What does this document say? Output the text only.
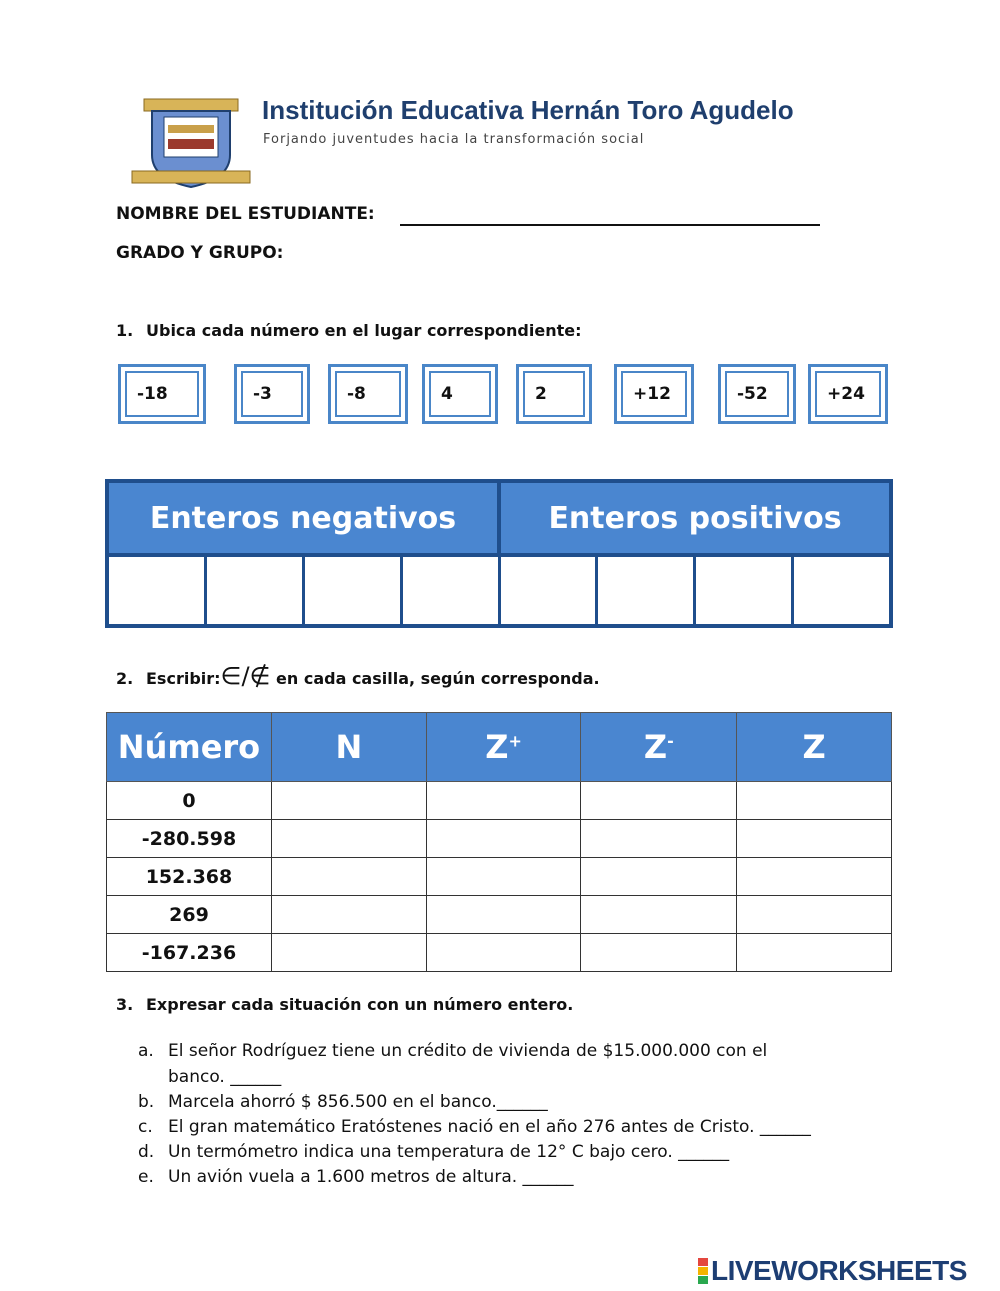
Institución Educativa Hernán Toro Agudelo
Forjando juventudes hacia la transformación social
NOMBRE DEL ESTUDIANTE:
GRADO Y GRUPO:
1. Ubica cada número en el lugar correspondiente:
-18	-3	-8	4	2	+12	-52	+24
Enteros negativos	Enteros positivos
2. Escribir:∈/∉ en cada casilla, según corresponda.
Número	N	Z+	Z-	Z
0				
-280.598				
152.368				
269				
-167.236				
3. Expresar cada situación con un número entero.
a. El señor Rodríguez tiene un crédito de vivienda de $15.000.000 con el
banco. ______
b. Marcela ahorró $ 856.500 en el banco.______
c. El gran matemático Eratóstenes nació en el año 276 antes de Cristo. ______
d. Un termómetro indica una temperatura de 12° C bajo cero. ______
e. Un avión vuela a 1.600 metros de altura. ______
LIVEWORKSHEETS
